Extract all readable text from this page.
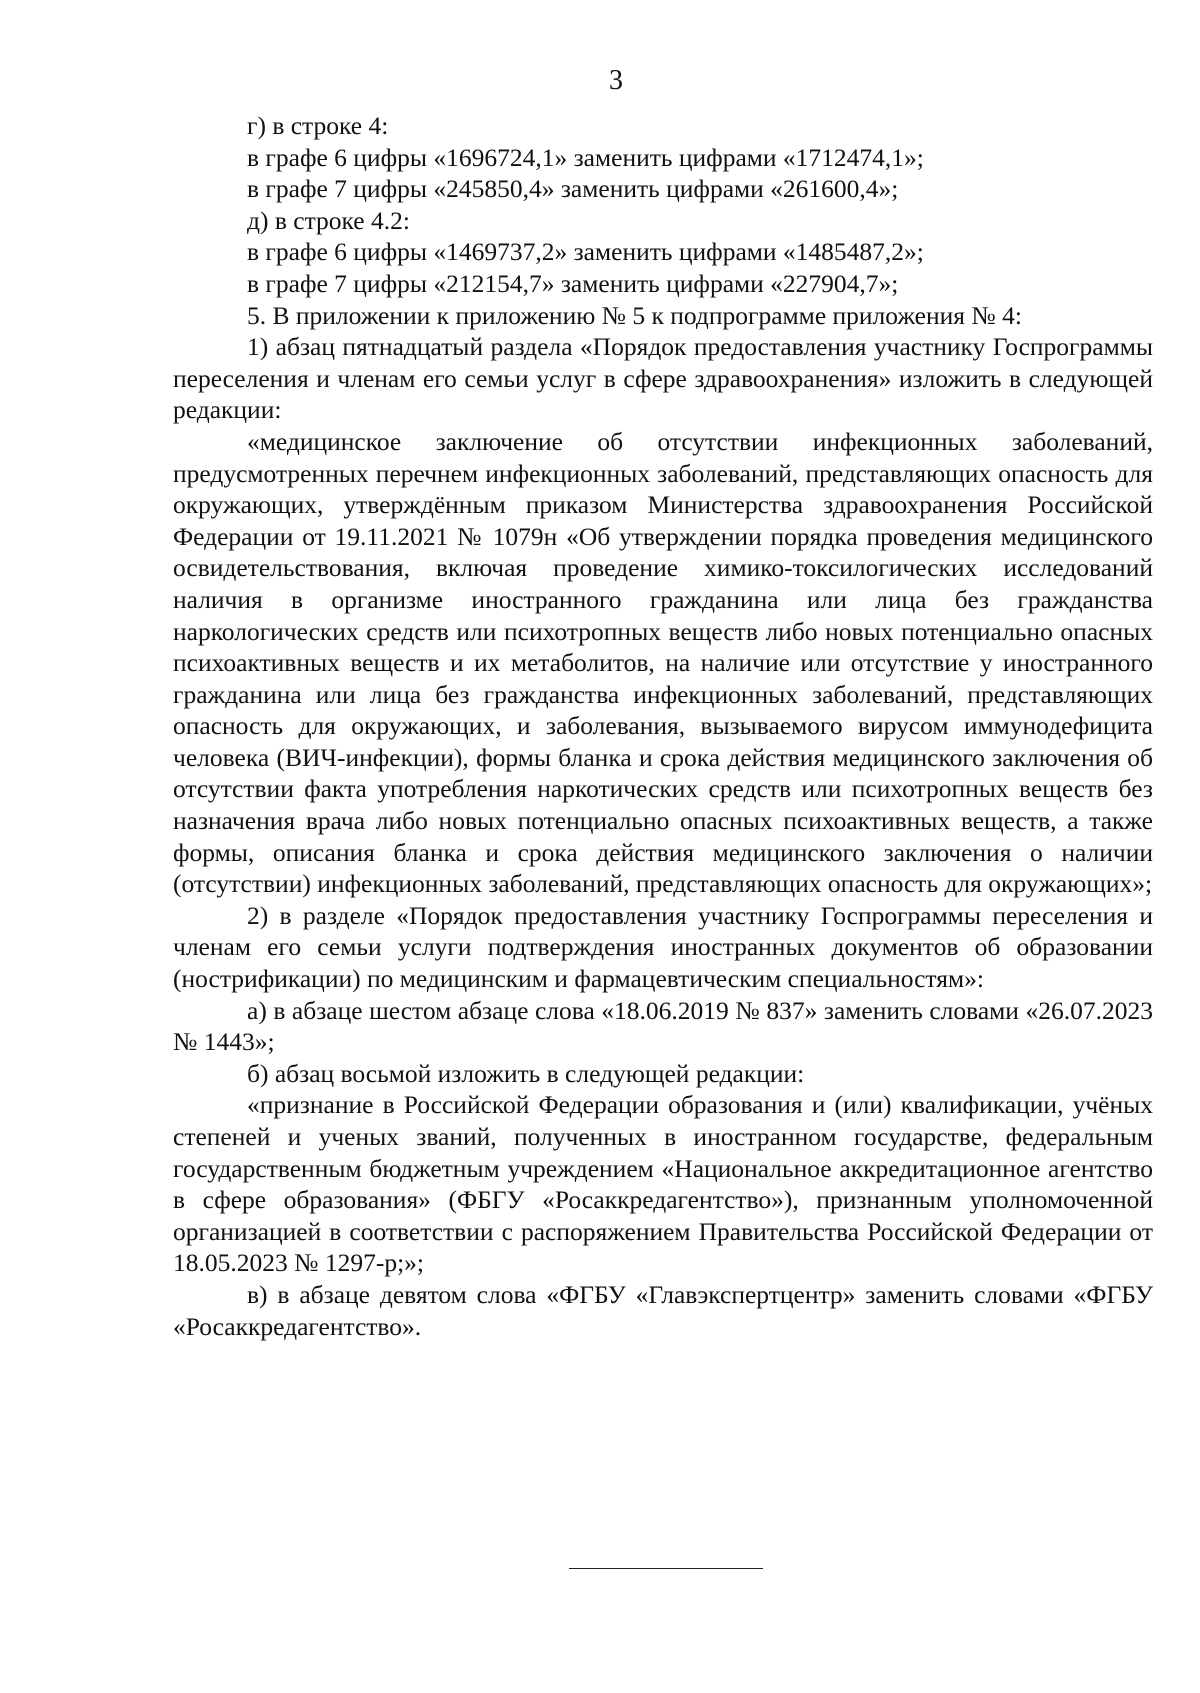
3

г) в строке 4:

в графе 6 цифры «1696724,1» заменить цифрами «1712474,1»;

в графе 7 цифры «245850,4» заменить цифрами «261600,4»;

д) в строке 4.2:

в графе 6 цифры «1469737,2» заменить цифрами «1485487,2»;

в графе 7 цифры «212154,7» заменить цифрами «227904,7»;

5. В приложении к приложению № 5 к подпрограмме приложения № 4:

1) абзац пятнадцатый раздела «Порядок предоставления участнику Госпрограммы переселения и членам его семьи услуг в сфере здравоохранения» изложить в следующей редакции:

«медицинское заключение об отсутствии инфекционных заболеваний, предусмотренных перечнем инфекционных заболеваний, представляющих опасность для окружающих, утверждённым приказом Министерства здравоохранения Российской Федерации от 19.11.2021 № 1079н «Об утверждении порядка проведения медицинского освидетельствования, включая проведение химико-токсилогических исследований наличия в организме иностранного гражданина или лица без гражданства наркологических средств или психотропных веществ либо новых потенциально опасных психоактивных веществ и их метаболитов, на наличие или отсутствие у иностранного гражданина или лица без гражданства инфекционных заболеваний, представляющих опасность для окружающих, и заболевания, вызываемого вирусом иммунодефицита человека (ВИЧ-инфекции), формы бланка и срока действия медицинского заключения об отсутствии факта употребления наркотических средств или психотропных веществ без назначения врача либо новых потенциально опасных психоактивных веществ, а также формы, описания бланка и срока действия медицинского заключения о наличии (отсутствии) инфекционных заболеваний, представляющих опасность для окружающих»;

2) в разделе «Порядок предоставления участнику Госпрограммы переселения и членам его семьи услуги подтверждения иностранных документов об образовании (нострификации) по медицинским и фармацевтическим специальностям»:

а) в абзаце шестом абзаце слова «18.06.2019 № 837» заменить словами «26.07.2023 № 1443»;

б) абзац восьмой изложить в следующей редакции:

«признание в Российской Федерации образования и (или) квалификации, учёных степеней и ученых званий, полученных в иностранном государстве, федеральным государственным бюджетным учреждением «Национальное аккредитационное агентство в сфере образования» (ФБГУ «Росаккредагентство»), признанным уполномоченной организацией в соответствии с распоряжением Правительства Российской Федерации от 18.05.2023 № 1297-р;»;

в) в абзаце девятом слова «ФГБУ «Главэкспертцентр» заменить словами «ФГБУ «Росаккредагентство».
